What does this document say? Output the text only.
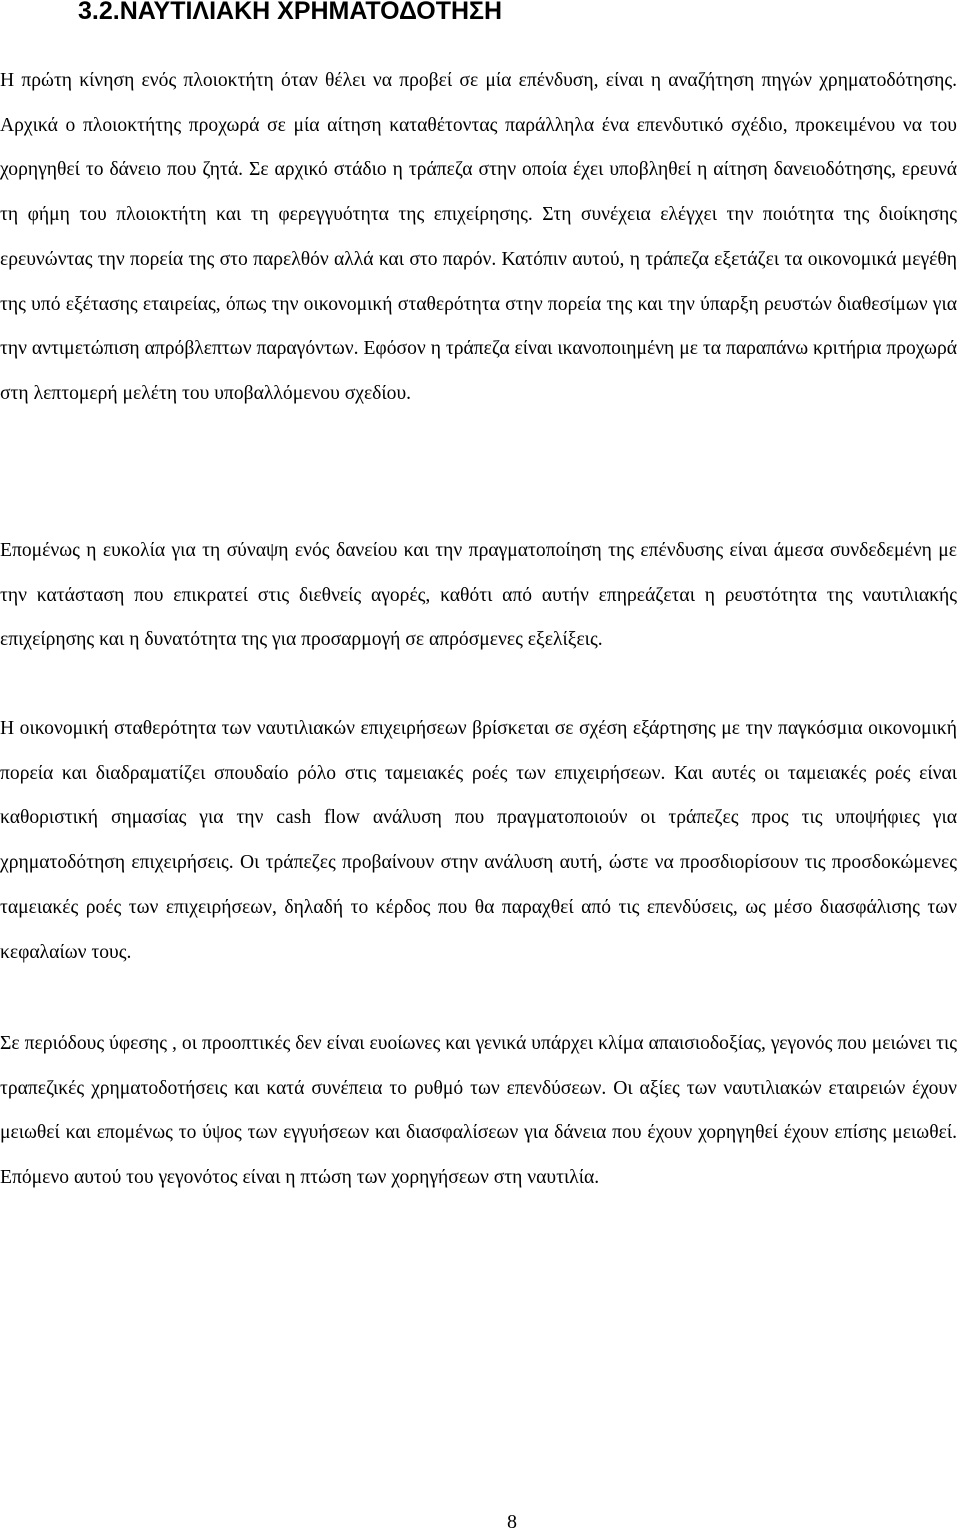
3.2.ΝΑΥΤΙΛΙΑΚΗ ΧΡΗΜΑΤΟΔΟΤΗΣΗ

Η πρώτη κίνηση ενός πλοιοκτήτη όταν θέλει να προβεί σε μία επένδυση, είναι η αναζήτηση πηγών χρηματοδότησης. Αρχικά ο πλοιοκτήτης προχωρά σε μία αίτηση καταθέτοντας παράλληλα ένα επενδυτικό σχέδιο, προκειμένου να του χορηγηθεί το δάνειο που ζητά. Σε αρχικό στάδιο η τράπεζα στην οποία έχει υποβληθεί η αίτηση δανειοδότησης, ερευνά τη φήμη του πλοιοκτήτη και τη φερεγγυότητα της επιχείρησης. Στη συνέχεια ελέγχει την ποιότητα της διοίκησης ερευνώντας την πορεία της στο παρελθόν αλλά και στο παρόν. Κατόπιν αυτού, η τράπεζα εξετάζει τα οικονομικά μεγέθη της υπό εξέτασης εταιρείας, όπως την οικονομική σταθερότητα στην πορεία της και την ύπαρξη ρευστών διαθεσίμων για την αντιμετώπιση απρόβλεπτων παραγόντων. Εφόσον η τράπεζα είναι ικανοποιημένη με τα παραπάνω κριτήρια προχωρά στη λεπτομερή μελέτη του υποβαλλόμενου σχεδίου.

Επομένως η ευκολία για τη σύναψη ενός δανείου και την πραγματοποίηση της επένδυσης είναι άμεσα συνδεδεμένη με την κατάσταση που επικρατεί στις διεθνείς αγορές, καθότι από αυτήν επηρεάζεται η ρευστότητα της ναυτιλιακής επιχείρησης και η δυνατότητα της για προσαρμογή σε απρόσμενες εξελίξεις.

Η οικονομική σταθερότητα των ναυτιλιακών επιχειρήσεων βρίσκεται σε σχέση εξάρτησης με την παγκόσμια οικονομική πορεία και διαδραματίζει σπουδαίο ρόλο στις ταμειακές ροές των επιχειρήσεων. Και αυτές οι ταμειακές ροές είναι καθοριστική σημασίας για την cash flow ανάλυση που πραγματοποιούν οι τράπεζες προς τις υποψήφιες για χρηματοδότηση επιχειρήσεις. Οι τράπεζες προβαίνουν στην ανάλυση αυτή, ώστε να προσδιορίσουν τις προσδοκώμενες ταμειακές ροές των επιχειρήσεων, δηλαδή το κέρδος που θα παραχθεί από τις επενδύσεις, ως μέσο διασφάλισης των κεφαλαίων τους.

Σε περιόδους ύφεσης , οι προοπτικές δεν είναι ευοίωνες και γενικά υπάρχει κλίμα απαισιοδοξίας, γεγονός που μειώνει τις τραπεζικές χρηματοδοτήσεις και κατά συνέπεια το ρυθμό των επενδύσεων. Οι αξίες των ναυτιλιακών εταιρειών έχουν μειωθεί και επομένως το ύψος των εγγυήσεων και διασφαλίσεων για δάνεια που έχουν χορηγηθεί έχουν επίσης μειωθεί. Επόμενο αυτού του γεγονότος είναι η πτώση των χορηγήσεων στη ναυτιλία.

8
